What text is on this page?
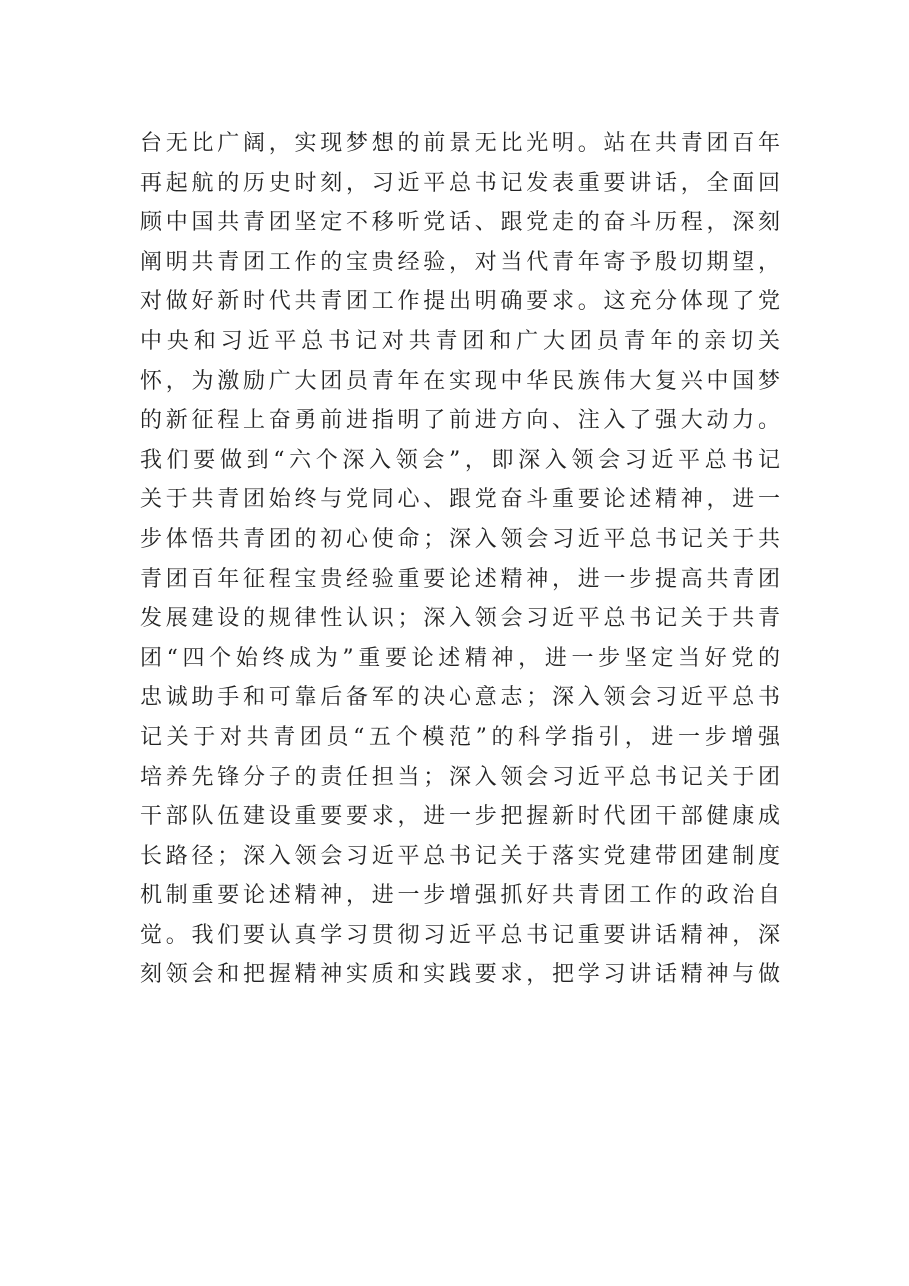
台无比广阔，实现梦想的前景无比光明。站在共青团百年
再起航的历史时刻，习近平总书记发表重要讲话，全面回
顾中国共青团坚定不移听党话、跟党走的奋斗历程，深刻
阐明共青团工作的宝贵经验，对当代青年寄予殷切期望，
对做好新时代共青团工作提出明确要求。这充分体现了党
中央和习近平总书记对共青团和广大团员青年的亲切关
怀，为激励广大团员青年在实现中华民族伟大复兴中国梦
的新征程上奋勇前进指明了前进方向、注入了强大动力。
我们要做到“六个深入领会”，即深入领会习近平总书记
关于共青团始终与党同心、跟党奋斗重要论述精神，进一
步体悟共青团的初心使命；深入领会习近平总书记关于共
青团百年征程宝贵经验重要论述精神，进一步提高共青团
发展建设的规律性认识；深入领会习近平总书记关于共青
团“四个始终成为”重要论述精神，进一步坚定当好党的
忠诚助手和可靠后备军的决心意志；深入领会习近平总书
记关于对共青团员“五个模范”的科学指引，进一步增强
培养先锋分子的责任担当；深入领会习近平总书记关于团
干部队伍建设重要要求，进一步把握新时代团干部健康成
长路径；深入领会习近平总书记关于落实党建带团建制度
机制重要论述精神，进一步增强抓好共青团工作的政治自
觉。我们要认真学习贯彻习近平总书记重要讲话精神，深
刻领会和把握精神实质和实践要求，把学习讲话精神与做
